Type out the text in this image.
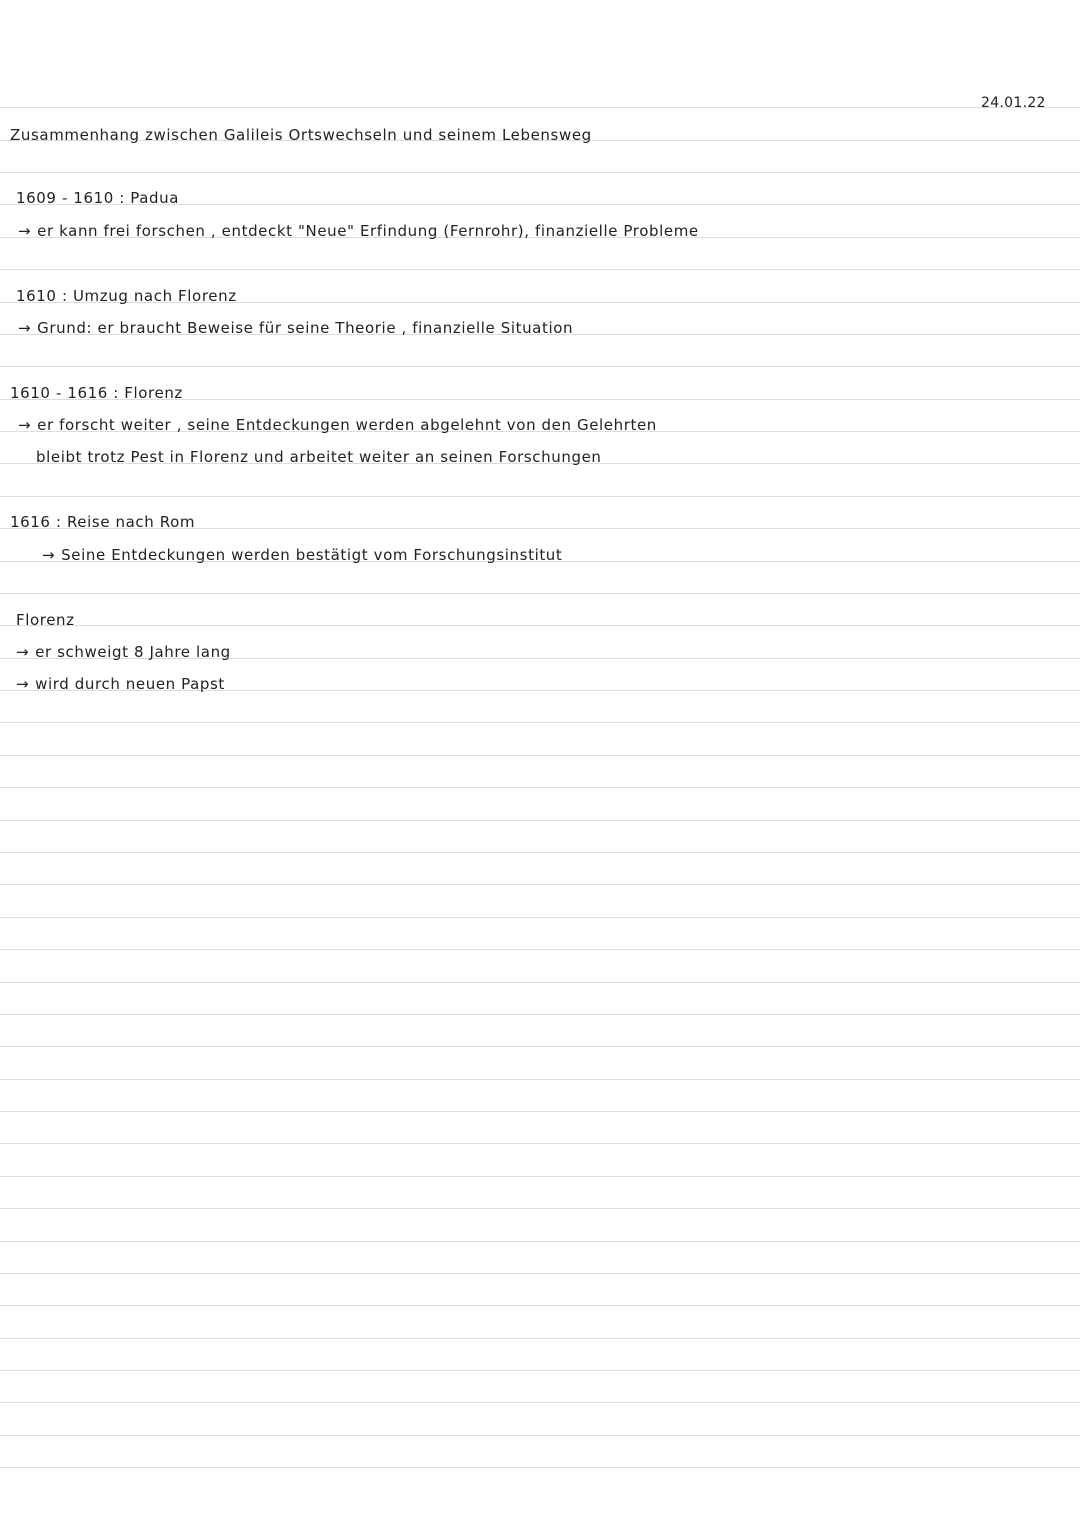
24.01.22
Zusammenhang zwischen Galileis Ortswechseln und seinem Lebensweg
1609 - 1610 : Padua
→ er kann frei forschen , entdeckt "Neue" Erfindung (Fernrohr), finanzielle Probleme
1610 : Umzug nach Florenz
→ Grund: er braucht Beweise für seine Theorie , finanzielle Situation
1610 - 1616 : Florenz
→ er forscht weiter , seine Entdeckungen werden abgelehnt von den Gelehrten
bleibt trotz Pest in Florenz und arbeitet weiter an seinen Forschungen
1616 : Reise nach Rom
→ Seine Entdeckungen werden bestätigt vom Forschungsinstitut
Florenz
→ er schweigt 8 Jahre lang
→ wird durch neuen Papst
